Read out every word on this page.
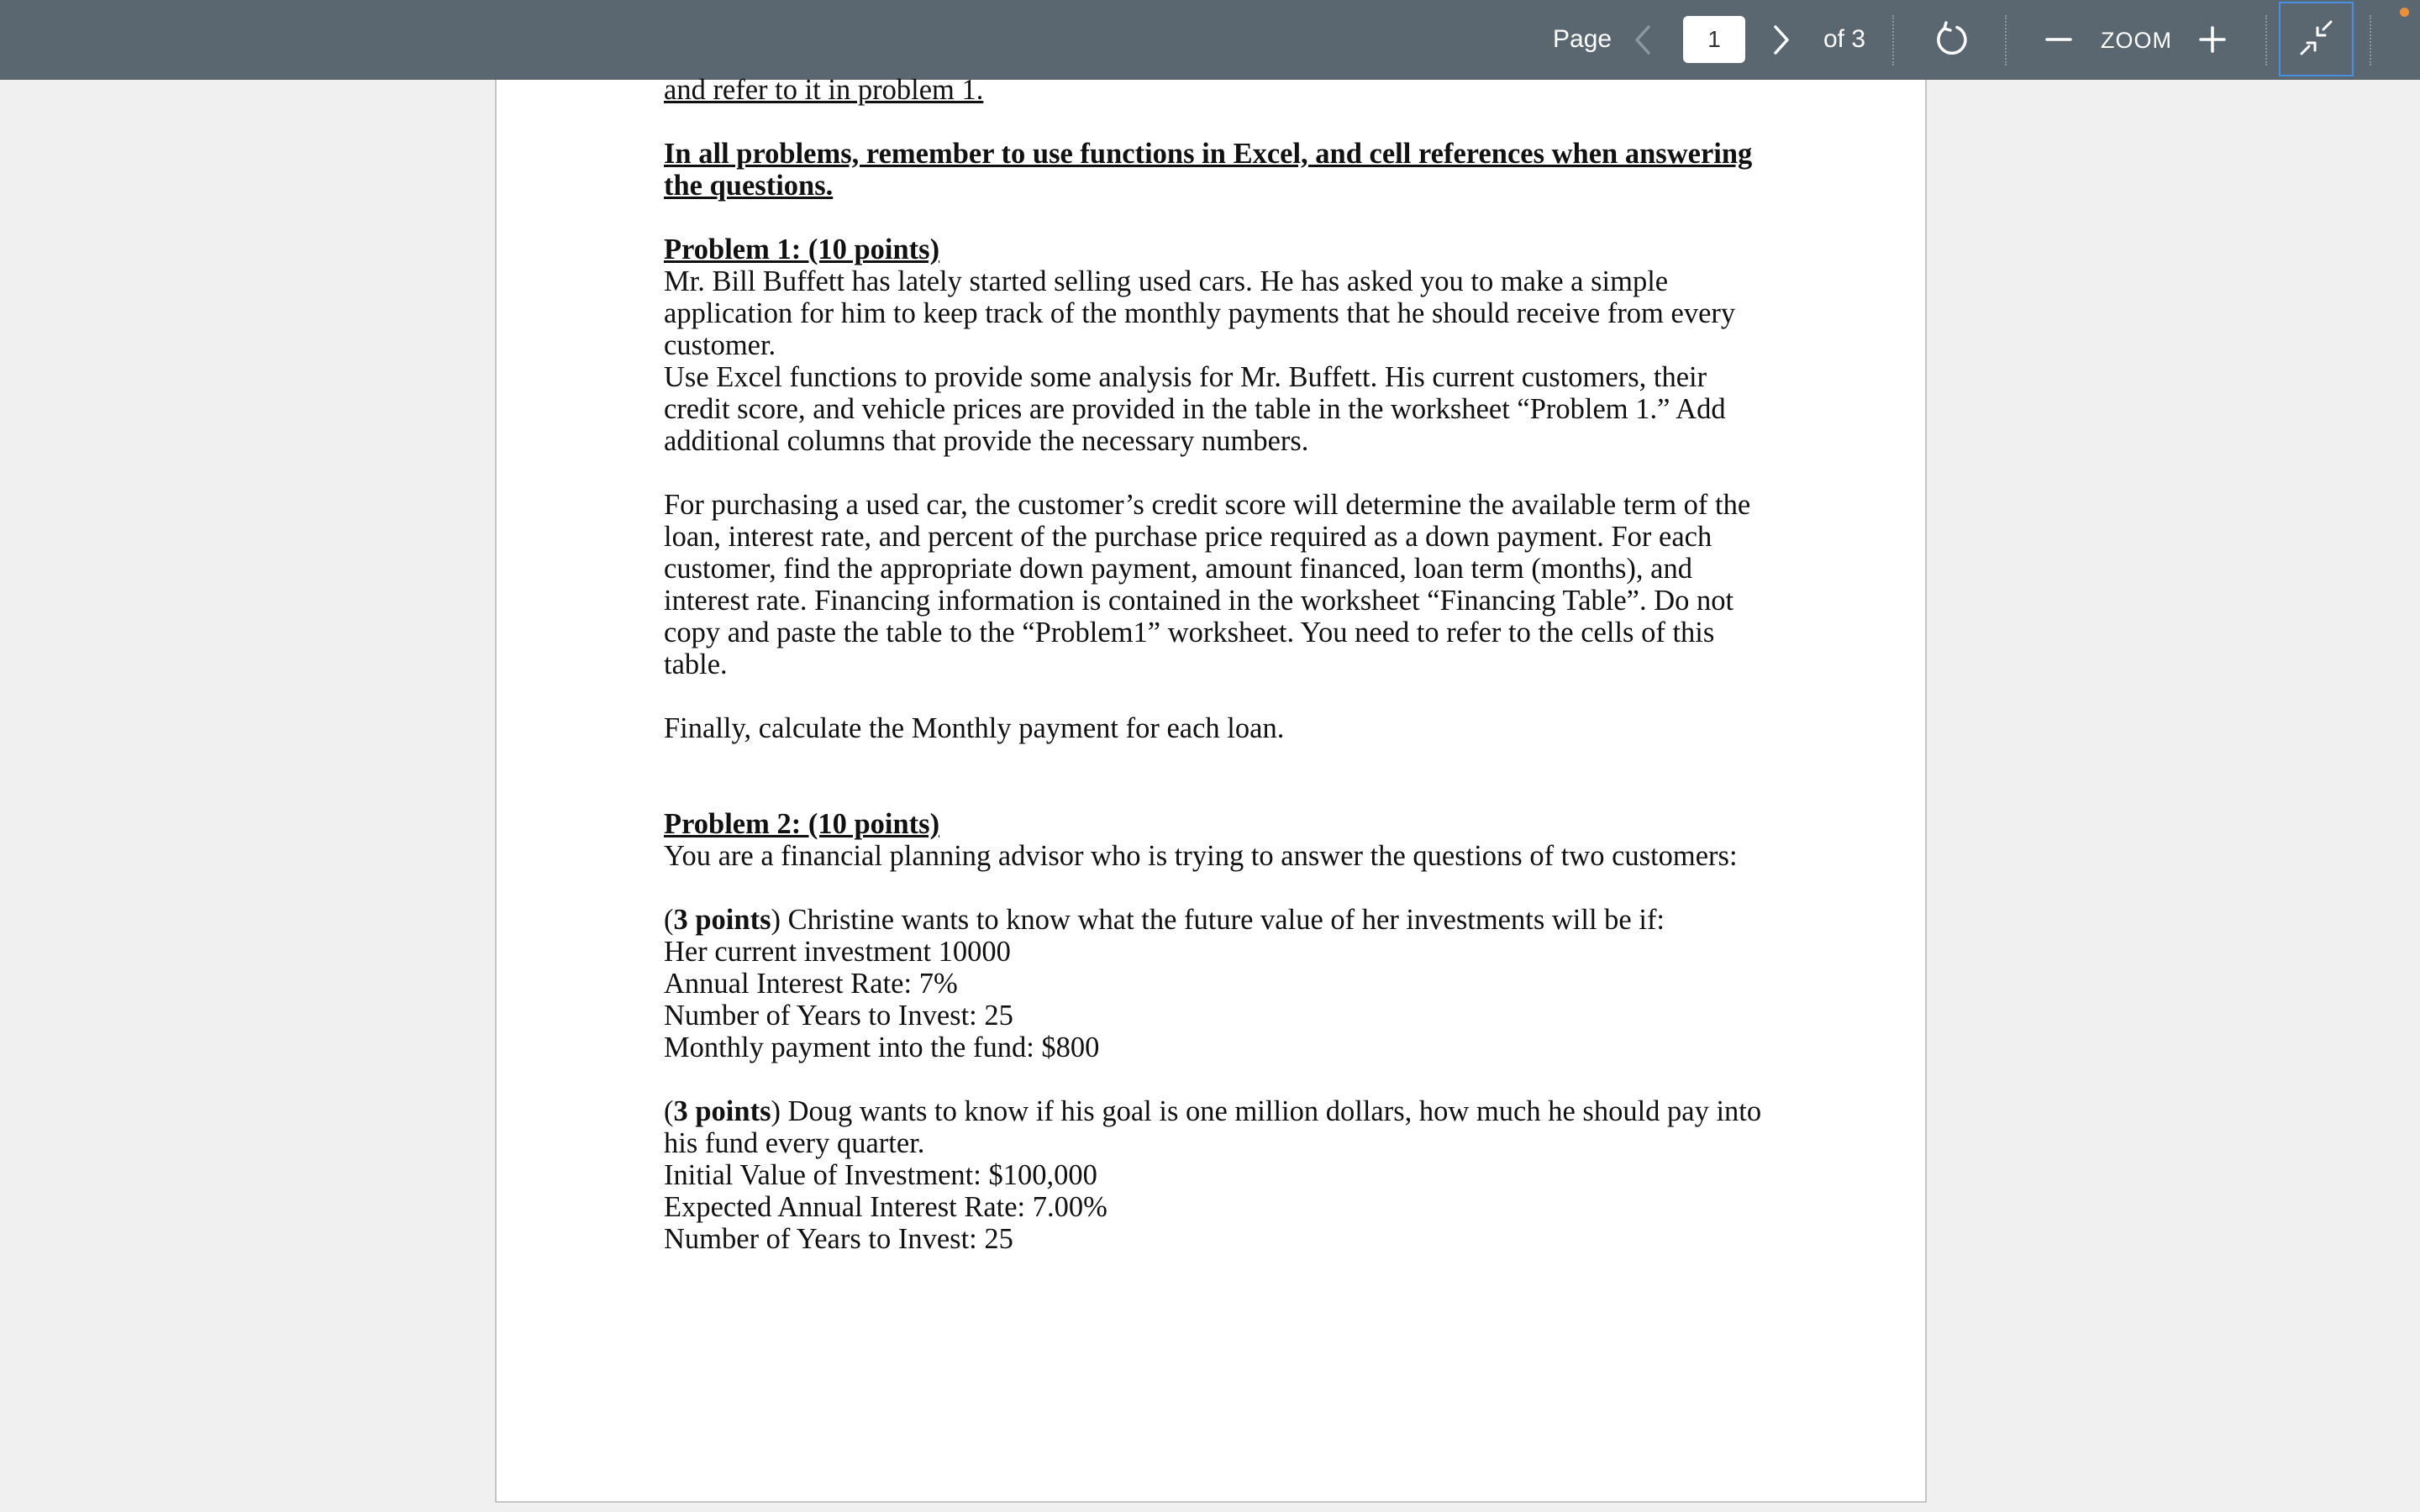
Page
1	of 3	ZOOM

and refer to it in problem 1.

In all problems, remember to use functions in Excel, and cell references when answering the questions.

Problem 1: (10 points)

Mr. Bill Buffett has lately started selling used cars. He has asked you to make a simple application for him to keep track of the monthly payments that he should receive from every customer.

Use Excel functions to provide some analysis for Mr. Buffett. His current customers, their credit score, and vehicle prices are provided in the table in the worksheet “Problem 1.” Add additional columns that provide the necessary numbers.

For purchasing a used car, the customer’s credit score will determine the available term of the loan, interest rate, and percent of the purchase price required as a down payment. For each customer, find the appropriate down payment, amount financed, loan term (months), and interest rate. Financing information is contained in the worksheet “Financing Table”. Do not copy and paste the table to the “Problem1” worksheet. You need to refer to the cells of this table.

Finally, calculate the Monthly payment for each loan.

Problem 2: (10 points)

You are a financial planning advisor who is trying to answer the questions of two customers:

(3 points) Christine wants to know what the future value of her investments will be if:

Her current investment 10000

Annual Interest Rate: 7%

Number of Years to Invest: 25

Monthly payment into the fund: $800

(3 points) Doug wants to know if his goal is one million dollars, how much he should pay into his fund every quarter.

Initial Value of Investment: $100,000

Expected Annual Interest Rate: 7.00%

Number of Years to Invest: 25
